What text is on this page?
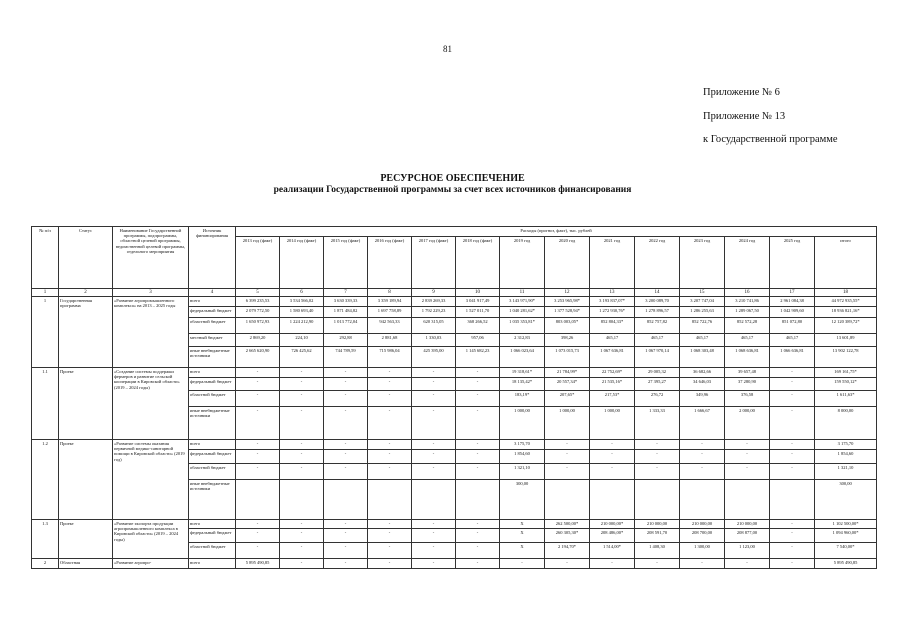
81
Приложение № 6
Приложение № 13
к Государственной программе
РЕСУРСНОЕ ОБЕСПЕЧЕНИЕ
реализации Государственной программы за счет всех источников финансирования
№ п/п	Статус	Наименование Государственной программы, подпрограммы, областной целевой программы, ведомственной целевой программы, отдельного мероприятия	Источник финансирования	Расходы (прогноз, факт), тыс. рублей													
				2013 год (факт)	2014 год (факт)	2015 год (факт)	2016 год (факт)	2017 год (факт)	2018 год (факт)	2019 год	2020 год	2021 год	2022 год	2023 год	2024 год	2025 год	итого
1	2	3	4	5	6	7	8	9	10	11	12	13	14	15	16	17	18
1	Государственная программа	«Развитие агропромышленного комплекса» на 2013 – 2025 годы	всего	6 399 235,53	3 534 566,02	3 630 339,33	3 359 189,94	2 839 269,33	3 041 917,49	3 143 971,90*	3 253 965,98*	3 193 837,07*	3 200 089,70	3 207 747,04	3 210 741,86	2 961 084,38	44 972 935,55*
			федеральный бюджет	2 079 772,50	1 580 693,40	1 871 484,82	1 697 758,89	1 792 229,23	1 527 011,70	1 040 281,62*	1 377 528,94*	1 272 930,76*	1 278 896,57	1 286 255,63	1 289 067,50	1 042 909,60	18 936 821,16*
			областной бюджет	1 650 972,93	1 224 212,90	1 013 772,04	942 563,33	620 315,05	368 266,52	1 035 353,81*	803 003,05*	852 804,33*	852 757,82	852 722,76	852 572,28	851 072,80	12 120 389,72*
			местный бюджет	2 869,20	224,10	292,88	2 881,68	1 330,03	957,06	2 312,83	398,26	465,17	465,17	465,17	465,17	465,17	13 601,89
			иные внебюджетные источники	2 665 620,90	726 425,62	744 789,59	715 986,04	425 395,00	1 145 682,23	1 066 023,64	1 073 015,73	1 067 636,81	1 067 970,14	1 068 303,48	1 068 636,81	1 066 636,81	13 902 122,78
1.1	Проект	«Создание системы поддержки фермеров и развитие сельской кооперации в Кировской области» (2019 – 2024 годы)	всего	-	-	-	-	-	-	19 318,61*	21 784,99*	22 752,69*	29 005,32	36 682,66	39 657,48	-	169 161,75*
			федеральный бюджет	-	-	-	-	-	-	18 135,42*	20 557,34*	21 535,16*	27 395,27	34 646,03	37 280,90	-	159 550,12*
			областной бюджет	-	-	-	-	-	-	183,19*	207,65*	217,53*	276,72	349,96	376,58	-	1 611,63*
			иные внебюджетные источники	-	-	-	-	-	-	1 000,00	1 000,00	1 000,00	1 333,33	1 666,67	2 000,00	-	8 000,00
1.2	Проект	«Развитие системы оказания первичной медико-санитарной помощи в Кировской области» (2019 год)	всего	-	-	-	-	-	-	3 175,70	-	-	-	-	-	-	3 175,70
			федеральный бюджет	-	-	-	-	-	-	1 854,60	-	-	-	-	-	-	1 854,60
			областной бюджет	-	-	-	-	-	-	1 321,10	-	-	-	-	-	-	1 321,10
			иные внебюджетные источники							300,00							300,00
1.3	Проект	«Развитие экспорта продукции агропромышленного комплекса в Кировской области» (2019 – 2024 годы)	всего	-	-	-	-	-	-	X	262 500,00*	210 000,00*	210 000,00	210 000,00	210 000,00	-	1 102 500,00*
			федеральный бюджет	-	-	-	-	-	-	X	260 305,30*	208 486,00*	208 591,70	208 700,00	208 877,00	-	1 094 960,00*
			областной бюджет	-	-	-	-	-	-	X	2 194,70*	1 514,00*	1 408,30	1 300,00	1 123,00	-	7 540,00*
2	Областная	«Развитие агропро-	всего	5 895 490,85	-	-	-	-	-	-	-	-	-	-	-	-	5 895 490,85
